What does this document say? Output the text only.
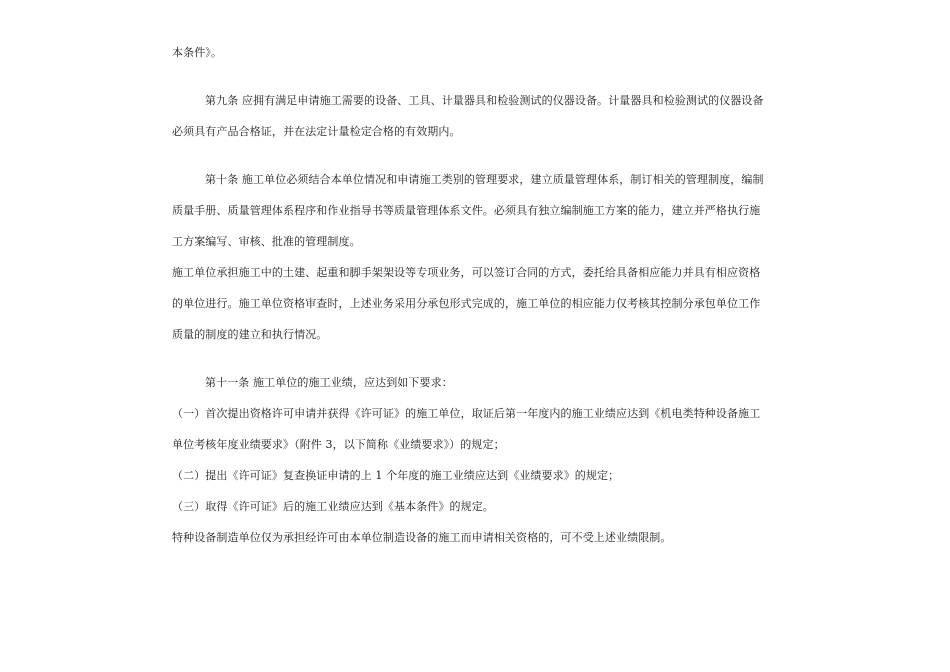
本条件》。
第九条 应拥有满足申请施工需要的设备、工具、计量器具和检验测试的仪器设备。计量器具和检验测试的仪器设备
必须具有产品合格证，并在法定计量检定合格的有效期内。
第十条 施工单位必须结合本单位情况和申请施工类别的管理要求，建立质量管理体系，制订相关的管理制度，编制
质量手册、质量管理体系程序和作业指导书等质量管理体系文件。必须具有独立编制施工方案的能力，建立并严格执行施
工方案编写、审核、批准的管理制度。
施工单位承担施工中的土建、起重和脚手架架设等专项业务，可以签订合同的方式，委托给具备相应能力并具有相应资格
的单位进行。施工单位资格审查时，上述业务采用分承包形式完成的，施工单位的相应能力仅考核其控制分承包单位工作
质量的制度的建立和执行情况。
第十一条 施工单位的施工业绩，应达到如下要求：
（一）首次提出资格许可申请并获得《许可证》的施工单位，取证后第一年度内的施工业绩应达到《机电类特种设备施工
单位考核年度业绩要求》（附件 3，以下简称《业绩要求》）的规定；
（二）提出《许可证》复查换证申请的上 1 个年度的施工业绩应达到《业绩要求》的规定；
（三）取得《许可证》后的施工业绩应达到《基本条件》的规定。
特种设备制造单位仅为承担经许可由本单位制造设备的施工而申请相关资格的，可不受上述业绩限制。
